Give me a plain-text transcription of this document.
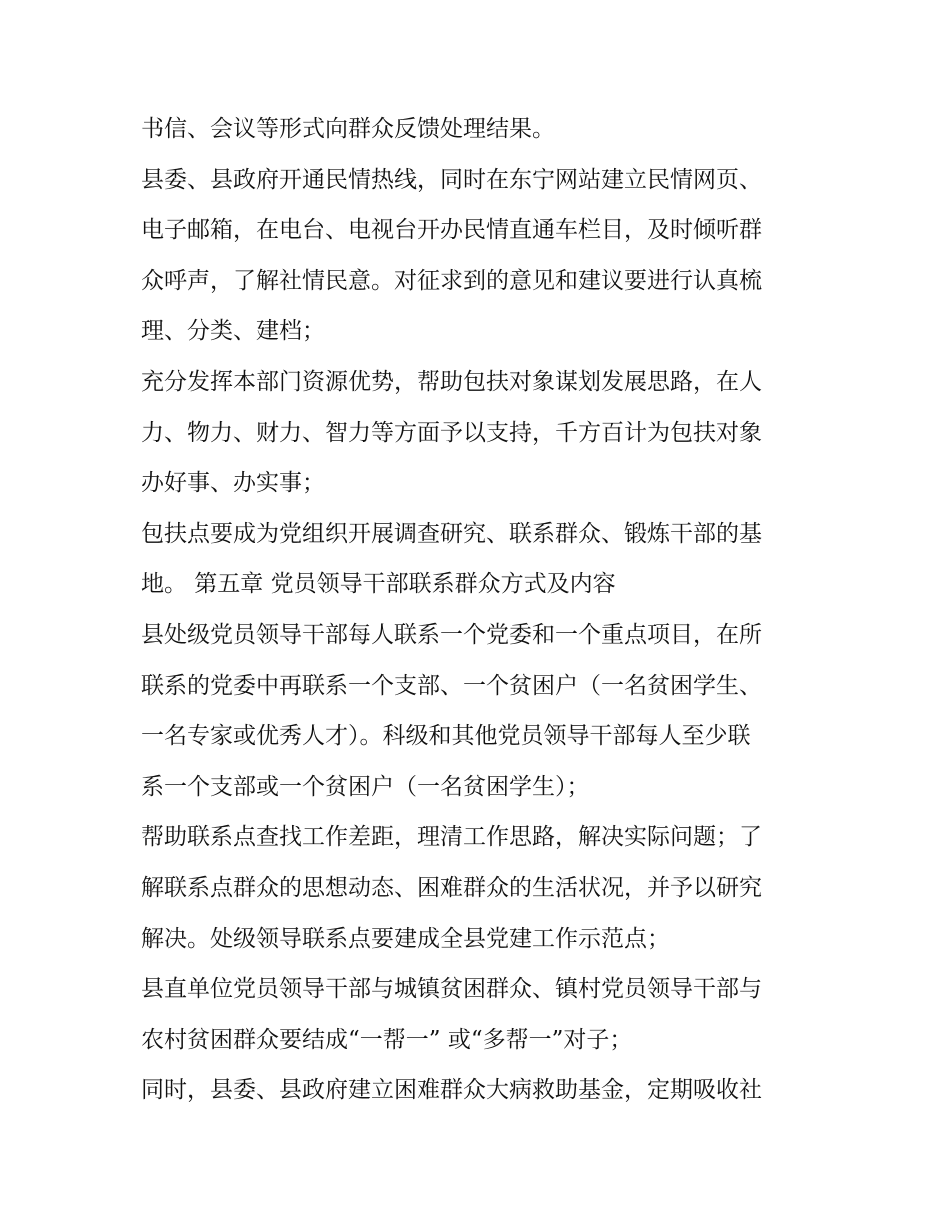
书信、会议等形式向群众反馈处理结果。
县委、县政府开通民情热线，同时在东宁网站建立民情网页、
电子邮箱，在电台、电视台开办民情直通车栏目，及时倾听群
众呼声，了解社情民意。对征求到的意见和建议要进行认真梳
理、分类、建档；
充分发挥本部门资源优势，帮助包扶对象谋划发展思路，在人
力、物力、财力、智力等方面予以支持，千方百计为包扶对象
办好事、办实事；
包扶点要成为党组织开展调查研究、联系群众、锻炼干部的基
地。 第五章 党员领导干部联系群众方式及内容
县处级党员领导干部每人联系一个党委和一个重点项目，在所
联系的党委中再联系一个支部、一个贫困户（一名贫困学生、
一名专家或优秀人才）。科级和其他党员领导干部每人至少联
系一个支部或一个贫困户（一名贫困学生）；
帮助联系点查找工作差距，理清工作思路，解决实际问题；了
解联系点群众的思想动态、困难群众的生活状况，并予以研究
解决。处级领导联系点要建成全县党建工作示范点；
县直单位党员领导干部与城镇贫困群众、镇村党员领导干部与
农村贫困群众要结成“一帮一” 或“多帮一”对子；
同时，县委、县政府建立困难群众大病救助基金，定期吸收社
